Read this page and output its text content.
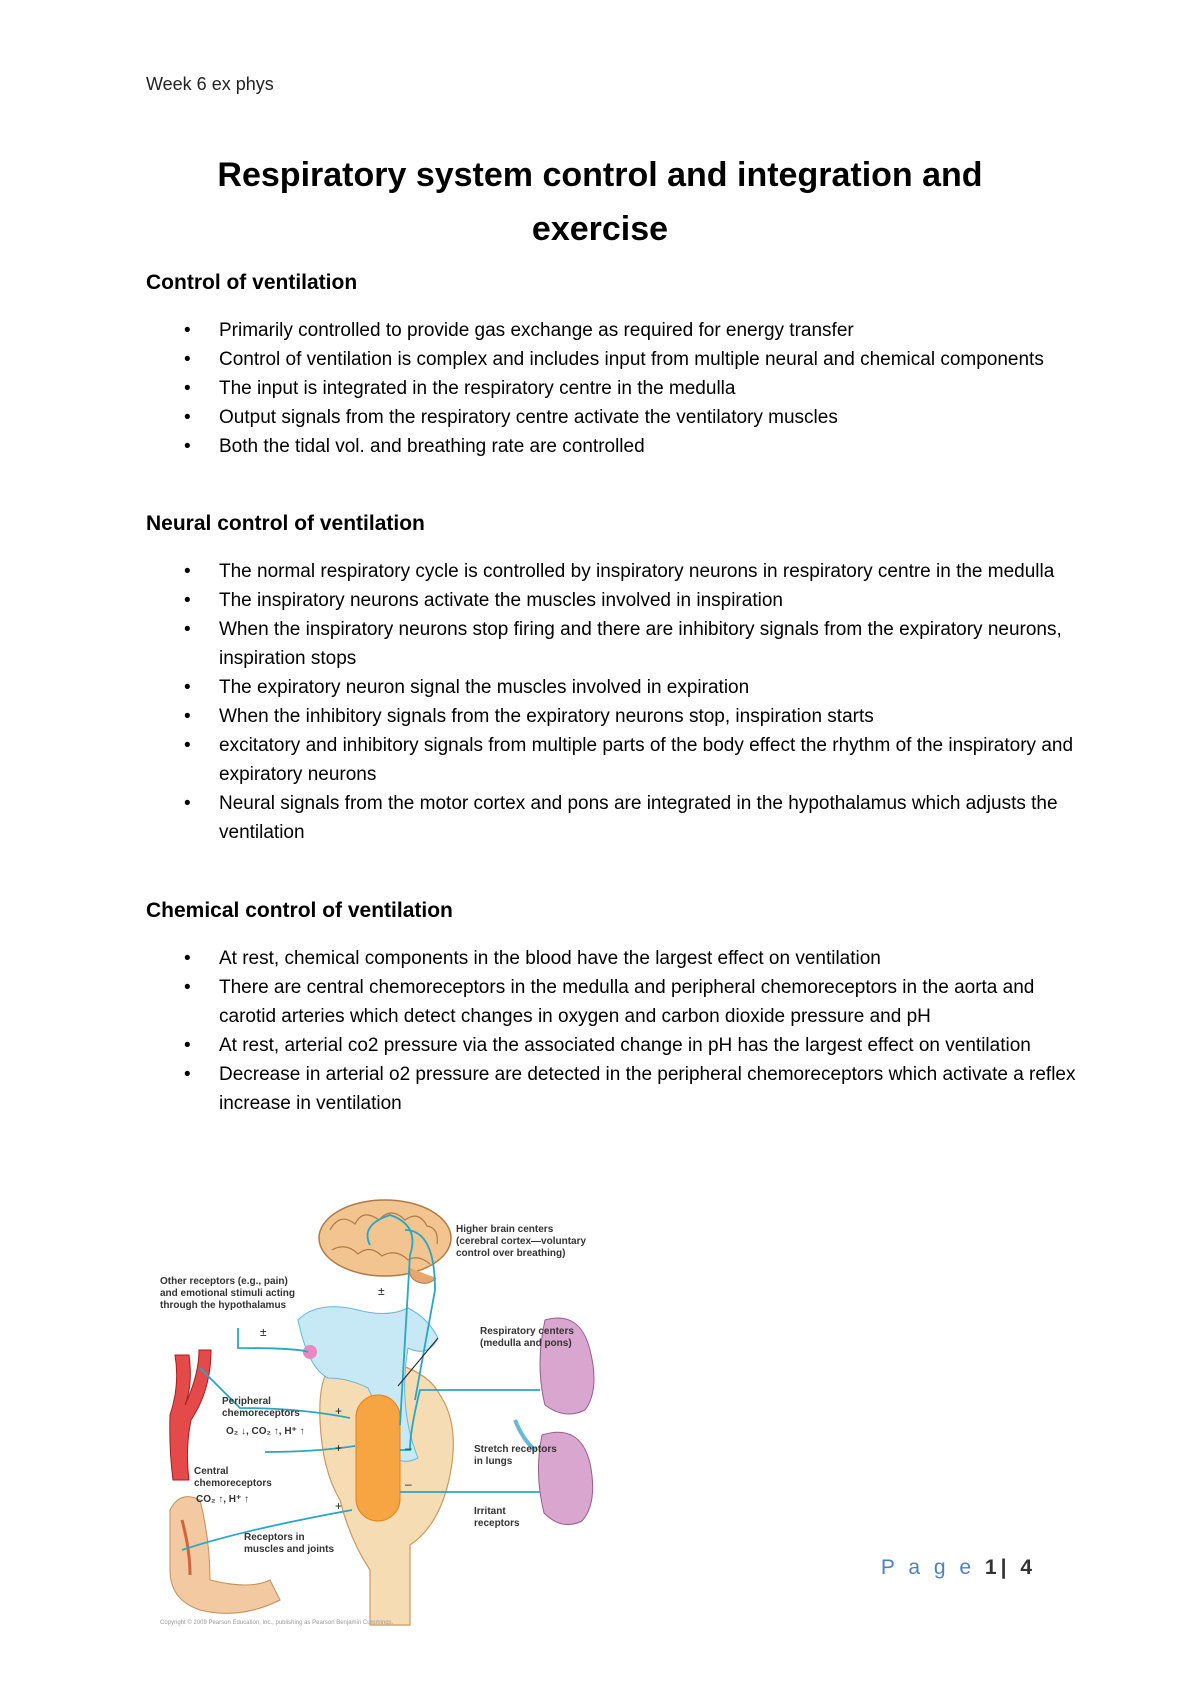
Week 6 ex phys
Respiratory system control and integration and exercise
Control of ventilation
• Primarily controlled to provide gas exchange as required for energy transfer
• Control of ventilation is complex and includes input from multiple neural and chemical components
• The input is integrated in the respiratory centre in the medulla
• Output signals from the respiratory centre activate the ventilatory muscles
• Both the tidal vol. and breathing rate are controlled
Neural control of ventilation
• The normal respiratory cycle is controlled by inspiratory neurons in respiratory centre in the medulla
• The inspiratory neurons activate the muscles involved in inspiration
• When the inspiratory neurons stop firing and there are inhibitory signals from the expiratory neurons, inspiration stops
• The expiratory neuron signal the muscles involved in expiration
• When the inhibitory signals from the expiratory neurons stop, inspiration starts
• excitatory and inhibitory signals from multiple parts of the body effect the rhythm of the inspiratory and expiratory neurons
• Neural signals from the motor cortex and pons are integrated in the hypothalamus which adjusts the ventilation
Chemical control of ventilation
• At rest, chemical components in the blood have the largest effect on ventilation
• There are central chemoreceptors in the medulla and peripheral chemoreceptors in the aorta and carotid arteries which detect changes in oxygen and carbon dioxide pressure and pH
• At rest, arterial co2 pressure via the associated change in pH has the largest effect on ventilation
• Decrease in arterial o2 pressure are detected in the peripheral chemoreceptors which activate a reflex increase in ventilation
±
±
+
+
+
–
–
Higher brain centers
(cerebral cortex—voluntary
control over breathing)
Other receptors (e.g., pain)
and emotional stimuli acting
through the hypothalamus
Respiratory centers
(medulla and pons)
Peripheral
chemoreceptors
O₂ ↓, CO₂ ↑, H⁺ ↑
Central
chemoreceptors
CO₂ ↑, H⁺ ↑
Stretch receptors
in lungs
Irritant
receptors
Receptors in
muscles and joints
Copyright © 2009 Pearson Education, Inc., publishing as Pearson Benjamin Cummings.
P a g e 1| 4
